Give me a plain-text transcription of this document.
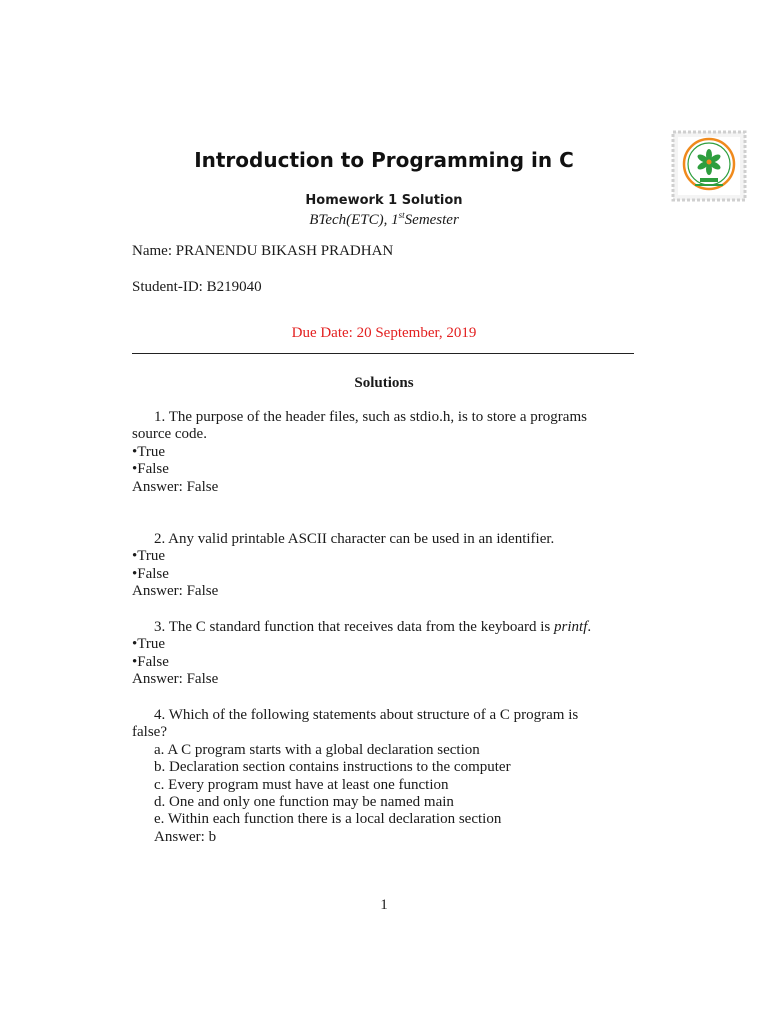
Introduction to Programming in C
Homework 1 Solution
BTech(ETC), 1stSemester
Name: PRANENDU BIKASH PRADHAN
Student-ID: B219040
Due Date: 20 September, 2019
Solutions
1. The purpose of the header files, such as stdio.h, is to store a programs
source code.
•True
•False
Answer: False
2. Any valid printable ASCII character can be used in an identifier.
•True
•False
Answer: False
3. The C standard function that receives data from the keyboard is printf.
•True
•False
Answer: False
4. Which of the following statements about structure of a C program is
false?
a. A C program starts with a global declaration section
b. Declaration section contains instructions to the computer
c. Every program must have at least one function
d. One and only one function may be named main
e. Within each function there is a local declaration section
Answer: b
1
